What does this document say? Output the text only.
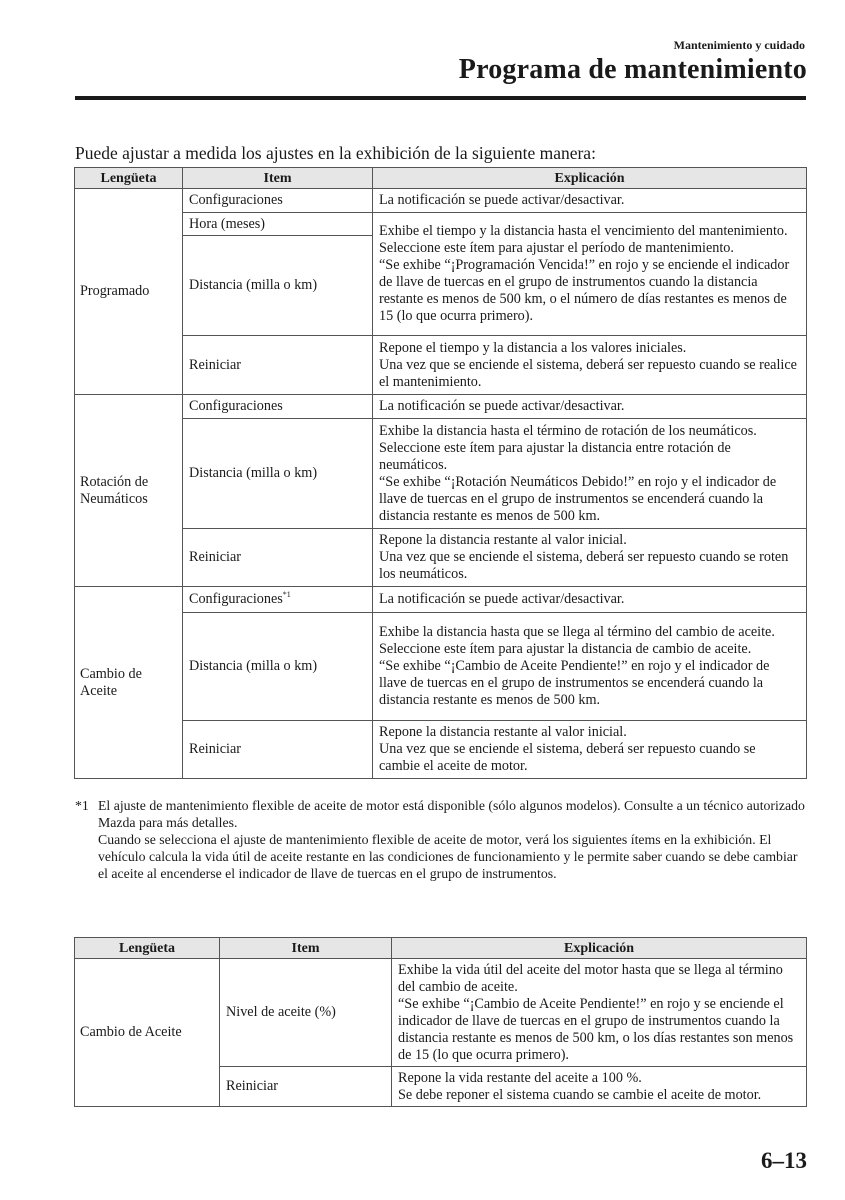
Mantenimiento y cuidado
Programa de mantenimiento
Puede ajustar a medida los ajustes en la exhibición de la siguiente manera:
Lengüeta	Item	Explicación
Programado	Configuraciones	La notificación se puede activar/desactivar.
	Hora (meses)	Exhibe el tiempo y la distancia hasta el vencimiento del mantenimiento.
Seleccione este ítem para ajustar el período de mantenimiento.
“Se exhibe “¡Programación Vencida!” en rojo y se enciende el indicador de llave de tuercas en el grupo de instrumentos cuando la distancia restante es menos de 500 km, o el número de días restantes es menos de 15 (lo que ocurra primero).
	Distancia (milla o km)	
	Reiniciar	Repone el tiempo y la distancia a los valores iniciales.
Una vez que se enciende el sistema, deberá ser repuesto cuando se realice el mantenimiento.
Rotación de
Neumáticos	Configuraciones	La notificación se puede activar/desactivar.
	Distancia (milla o km)	Exhibe la distancia hasta el término de rotación de los neumáticos.
Seleccione este ítem para ajustar la distancia entre rotación de neumáticos.
“Se exhibe “¡Rotación Neumáticos Debido!” en rojo y el indicador de llave de tuercas en el grupo de instrumentos se encenderá cuando la distancia restante es menos de 500 km.
	Reiniciar	Repone la distancia restante al valor inicial.
Una vez que se enciende el sistema, deberá ser repuesto cuando se roten los neumáticos.
Cambio de
Aceite	Configuraciones$^{*1}$	La notificación se puede activar/desactivar.
	Distancia (milla o km)	Exhibe la distancia hasta que se llega al término del cambio de aceite.
Seleccione este ítem para ajustar la distancia de cambio de aceite.
“Se exhibe “¡Cambio de Aceite Pendiente!” en rojo y el indicador de llave de tuercas en el grupo de instrumentos se encenderá cuando la distancia restante es menos de 500 km.
	Reiniciar	Repone la distancia restante al valor inicial.
Una vez que se enciende el sistema, deberá ser repuesto cuando se cambie el aceite de motor.
*1 El ajuste de mantenimiento flexible de aceite de motor está disponible (sólo algunos modelos). Consulte a un técnico autorizado Mazda para más detalles.
Cuando se selecciona el ajuste de mantenimiento flexible de aceite de motor, verá los siguientes ítems en la exhibición. El vehículo calcula la vida útil de aceite restante en las condiciones de funcionamiento y le permite saber cuando se debe cambiar el aceite al encenderse el indicador de llave de tuercas en el grupo de instrumentos.
Lengüeta	Item	Explicación
Cambio de Aceite	Nivel de aceite (%)	Exhibe la vida útil del aceite del motor hasta que se llega al término del cambio de aceite.
“Se exhibe “¡Cambio de Aceite Pendiente!” en rojo y se enciende el indicador de llave de tuercas en el grupo de instrumentos cuando la distancia restante es menos de 500 km, o los días restantes son menos de 15 (lo que ocurra primero).
	Reiniciar	Repone la vida restante del aceite a 100 %.
Se debe reponer el sistema cuando se cambie el aceite de motor.
6–13
